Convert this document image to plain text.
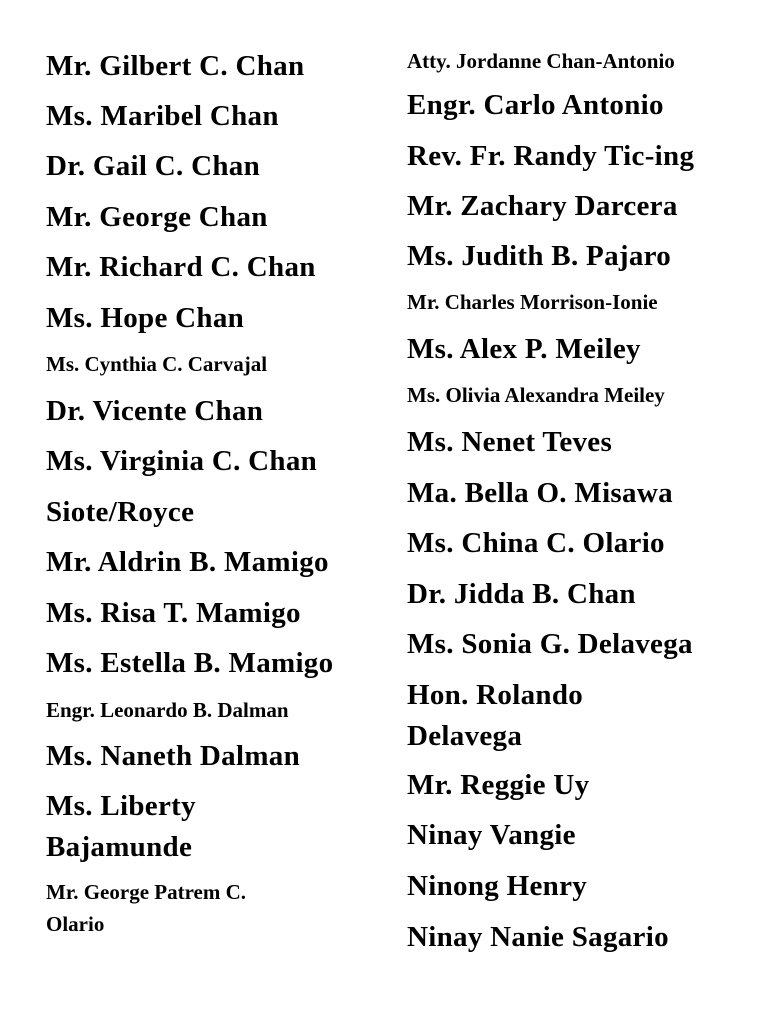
Mr. Gilbert C. Chan
Ms. Maribel Chan
Dr. Gail C. Chan
Mr. George Chan
Mr. Richard C. Chan
Ms. Hope Chan
Ms. Cynthia C. Carvajal
Dr. Vicente Chan
Ms. Virginia C. Chan
Siote/Royce
Mr. Aldrin B. Mamigo
Ms. Risa T. Mamigo
Ms. Estella B. Mamigo
Engr. Leonardo B. Dalman
Ms. Naneth Dalman
Ms. Liberty
Bajamunde
Mr. George Patrem C.
Olario
Atty. Jordanne Chan-Antonio
Engr. Carlo Antonio
Rev. Fr. Randy Tic-ing
Mr. Zachary Darcera
Ms. Judith B. Pajaro
Mr. Charles Morrison-Ionie
Ms. Alex P. Meiley
Ms. Olivia Alexandra Meiley
Ms. Nenet Teves
Ma. Bella O. Misawa
Ms. China C. Olario
Dr. Jidda B. Chan
Ms. Sonia G. Delavega
Hon. Rolando
Delavega
Mr. Reggie Uy
Ninay Vangie
Ninong Henry
Ninay Nanie Sagario
